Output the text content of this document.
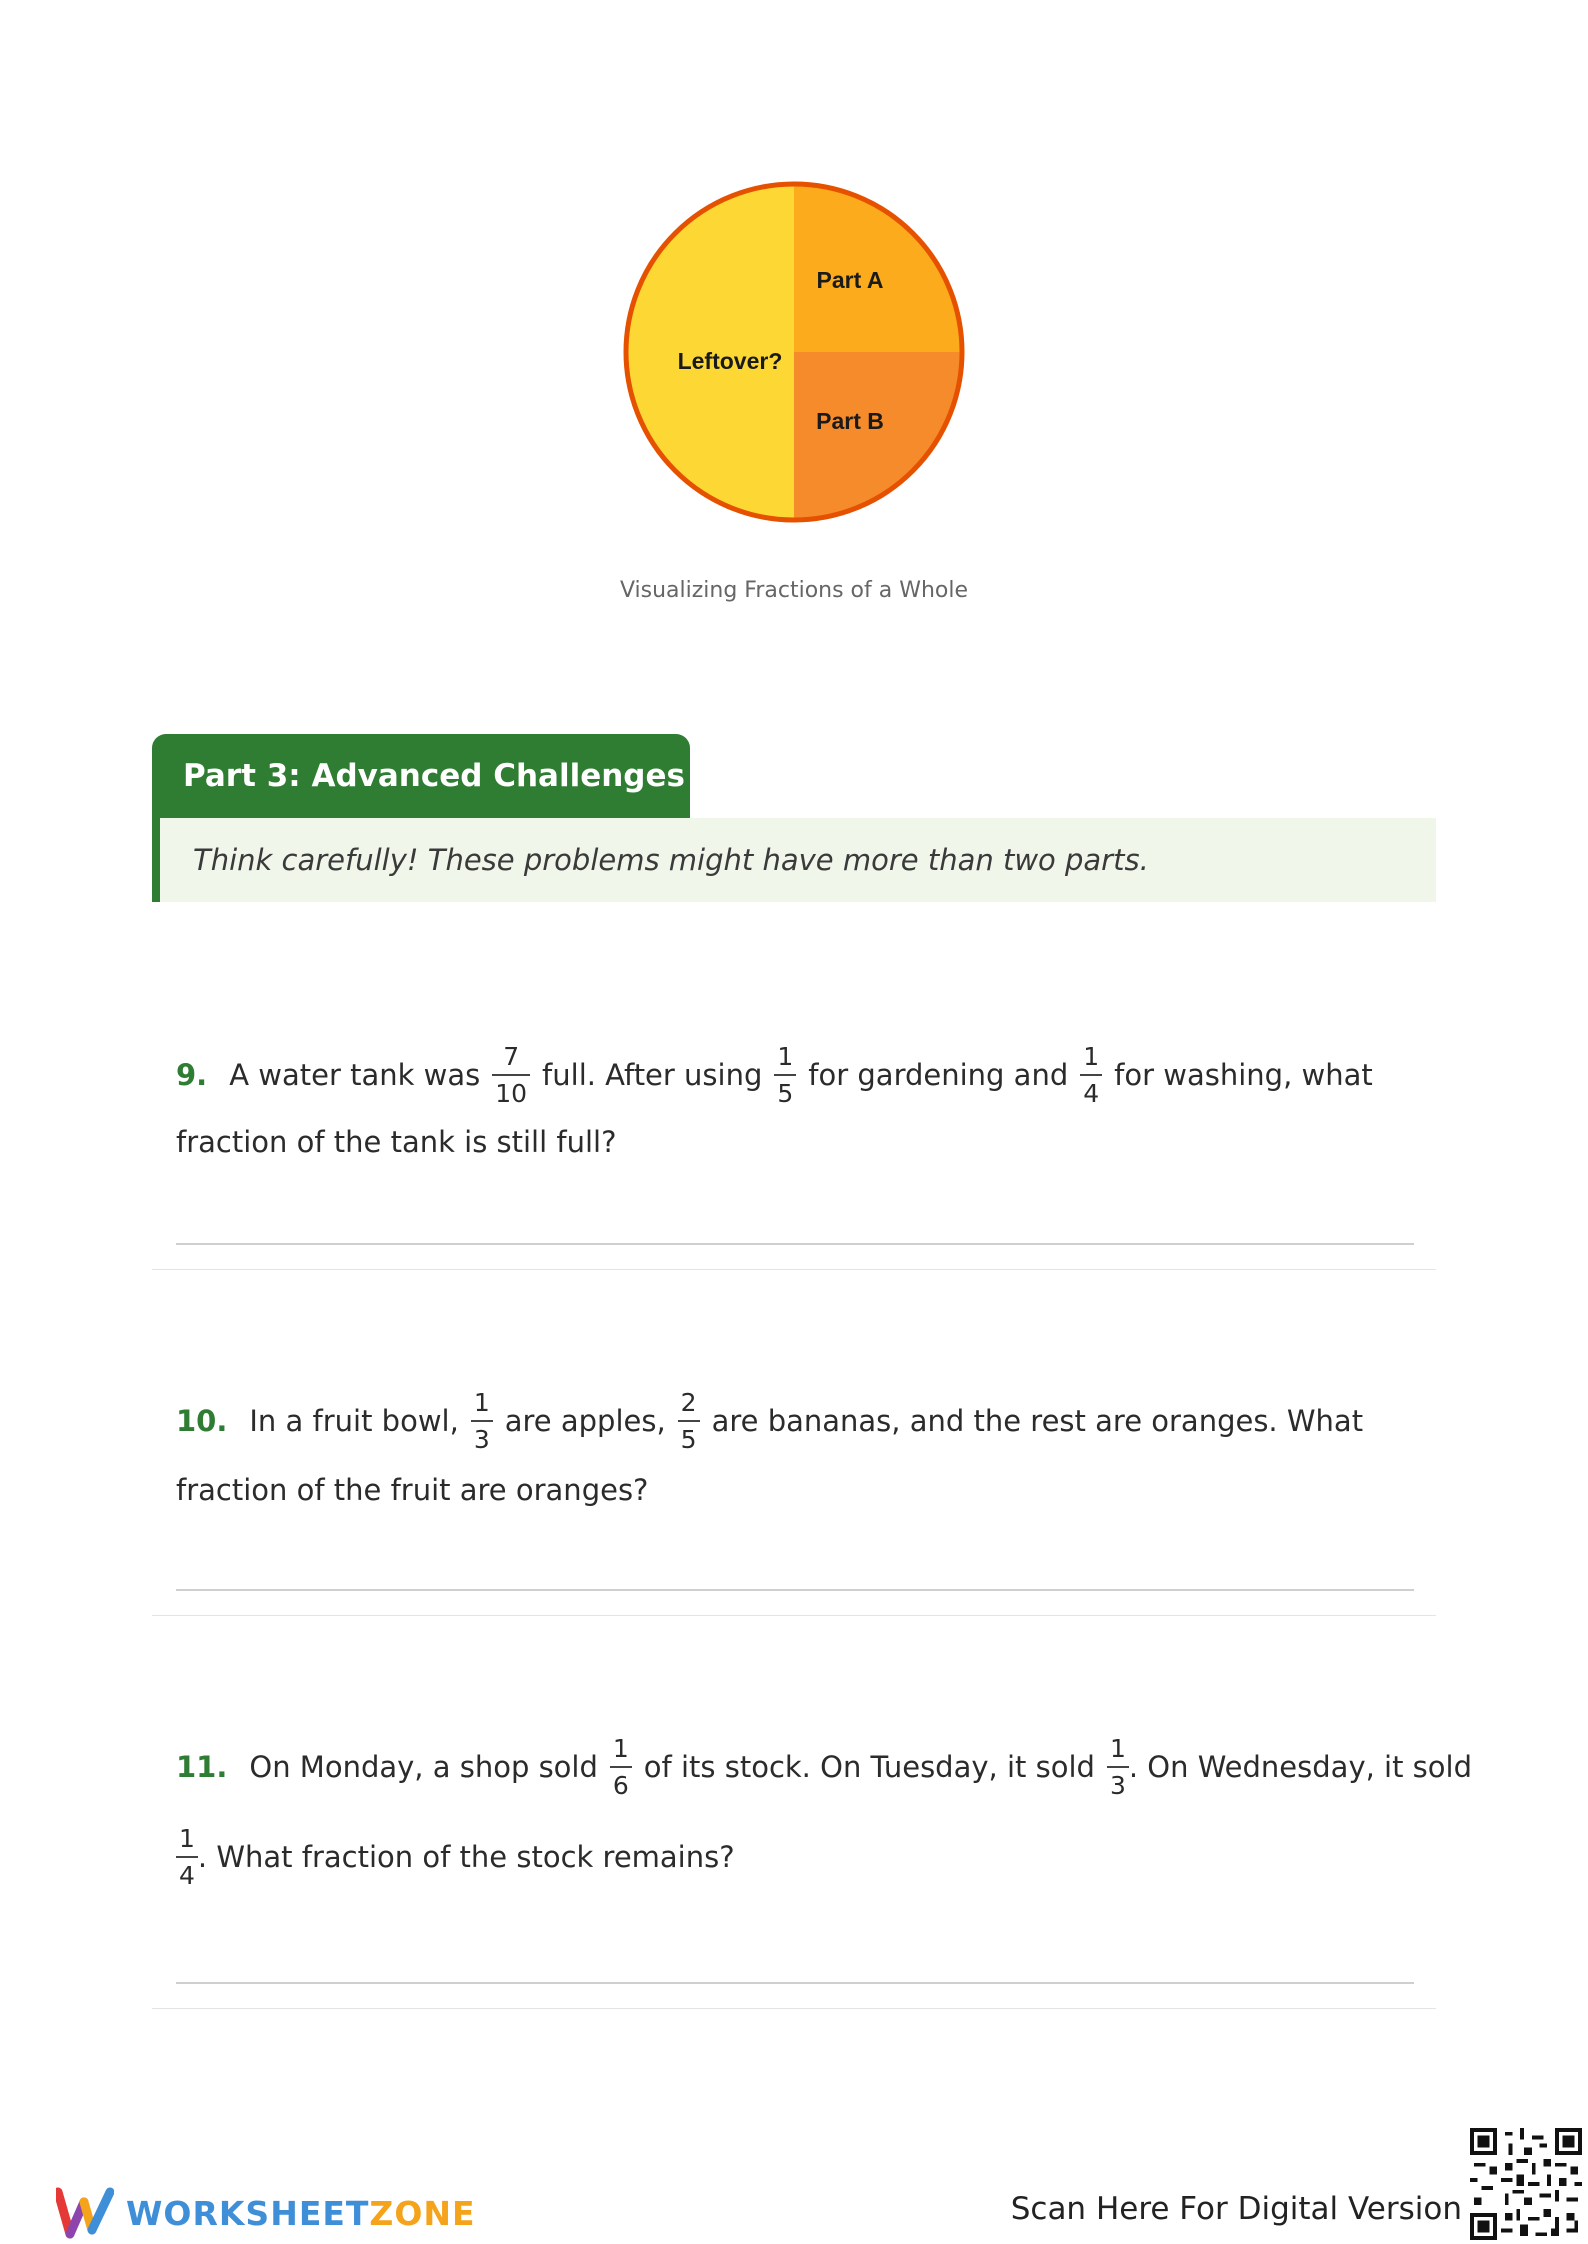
Part A
Leftover?
Part B
Visualizing Fractions of a Whole
Part 3: Advanced Challenges
Think carefully! These problems might have more than two parts.
9. A water tank was $\frac{7}{10}$ full. After using $\frac{1}{5}$ for gardening and $\frac{1}{4}$ for washing, what
fraction of the tank is still full?
10. In a fruit bowl, $\frac{1}{3}$ are apples, $\frac{2}{5}$ are bananas, and the rest are oranges. What
fraction of the fruit are oranges?
11. On Monday, a shop sold $\frac{1}{6}$ of its stock. On Tuesday, it sold $\frac{1}{3}$ . On Wednesday, it sold
$\frac{1}{4}$ . What fraction of the stock remains?
WORKSHEETZONE	Scan Here For Digital Version
